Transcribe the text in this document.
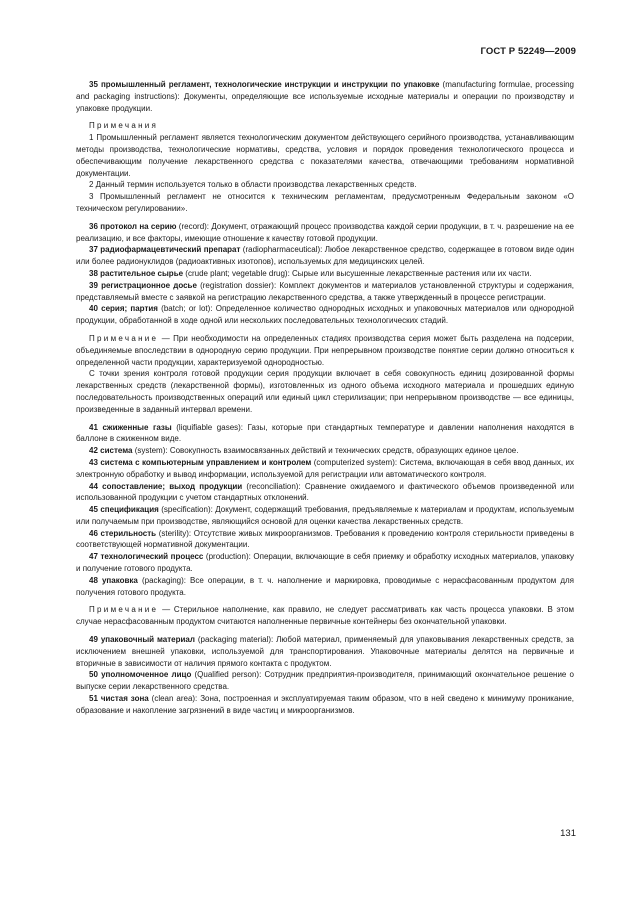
ГОСТ Р 52249—2009

35 промышленный регламент, технологические инструкции и инструкции по упаковке (manufacturing formulae, processing and packaging instructions): Документы, определяющие все используемые исходные материалы и операции по производству и упаковке продукции.

Примечания

1 Промышленный регламент является технологическим документом действующего серийного производства, устанавливающим методы производства, технологические нормативы, средства, условия и порядок проведения технологического процесса и обеспечивающим получение лекарственного средства с показателями качества, отвечающими требованиям нормативной документации.

2 Данный термин используется только в области производства лекарственных средств.

3 Промышленный регламент не относится к техническим регламентам, предусмотренным Федеральным законом «О техническом регулировании».

36 протокол на серию (record): Документ, отражающий процесс производства каждой серии продукции, в т. ч. разрешение на ее реализацию, и все факторы, имеющие отношение к качеству готовой продукции.

37 радиофармацевтический препарат (radiopharmaceutical): Любое лекарственное средство, содержащее в готовом виде один или более радионуклидов (радиоактивных изотопов), используемых для медицинских целей.

38 растительное сырье (crude plant; vegetable drug): Сырые или высушенные лекарственные растения или их части.

39 регистрационное досье (registration dossier): Комплект документов и материалов установленной структуры и содержания, представляемый вместе с заявкой на регистрацию лекарственного средства, а также утвержденный в процессе регистрации.

40 серия; партия (batch; or lot): Определенное количество однородных исходных и упаковочных материалов или однородной продукции, обработанной в ходе одной или нескольких последовательных технологических стадий.

Примечание — При необходимости на определенных стадиях производства серия может быть разделена на подсерии, объединяемые впоследствии в однородную серию продукции. При непрерывном производстве понятие серии должно относиться к определенной части продукции, характеризуемой однородностью.

С точки зрения контроля готовой продукции серия продукции включает в себя совокупность единиц дозированной формы лекарственных средств (лекарственной формы), изготовленных из одного объема исходного материала и прошедших единую последовательность производственных операций или единый цикл стерилизации; при непрерывном производстве — все единицы, произведенные в заданный интервал времени.

41 сжиженные газы (liquifiable gases): Газы, которые при стандартных температуре и давлении наполнения находятся в баллоне в сжиженном виде.

42 система (system): Совокупность взаимосвязанных действий и технических средств, образующих единое целое.

43 система с компьютерным управлением и контролем (computerized system): Система, включающая в себя ввод данных, их электронную обработку и вывод информации, используемой для регистрации или автоматического контроля.

44 сопоставление; выход продукции (reconciliation): Сравнение ожидаемого и фактического объемов произведенной или использованной продукции с учетом стандартных отклонений.

45 спецификация (specification): Документ, содержащий требования, предъявляемые к материалам и продуктам, используемым или получаемым при производстве, являющийся основой для оценки качества лекарственных средств.

46 стерильность (sterility): Отсутствие живых микроорганизмов. Требования к проведению контроля стерильности приведены в соответствующей нормативной документации.

47 технологический процесс (production): Операции, включающие в себя приемку и обработку исходных материалов, упаковку и получение готового продукта.

48 упаковка (packaging): Все операции, в т. ч. наполнение и маркировка, проводимые с нерасфасованным продуктом для получения готового продукта.

Примечание — Стерильное наполнение, как правило, не следует рассматривать как часть процесса упаковки. В этом случае нерасфасованным продуктом считаются наполненные первичные контейнеры без окончательной упаковки.

49 упаковочный материал (packaging material): Любой материал, применяемый для упаковывания лекарственных средств, за исключением внешней упаковки, используемой для транспортирования. Упаковочные материалы делятся на первичные и вторичные в зависимости от наличия прямого контакта с продуктом.

50 уполномоченное лицо (Qualified person): Сотрудник предприятия-производителя, принимающий окончательное решение о выпуске серии лекарственного средства.

51 чистая зона (clean area): Зона, построенная и эксплуатируемая таким образом, что в ней сведено к минимуму проникание, образование и накопление загрязнений в виде частиц и микроорганизмов.

131
